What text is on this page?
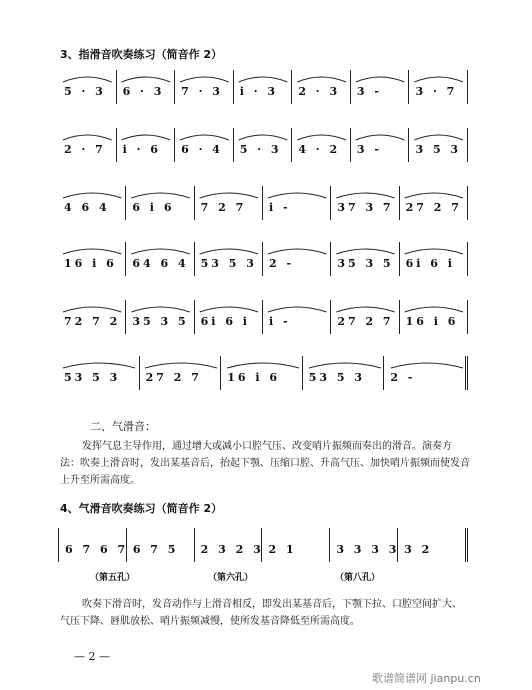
3、指滑音吹奏练习（简音作 2）
5 · 3 6 · 3 7 · 3 i · 3 2 · 3 3 -	3 · 7
2 · 7 i · 6 6 · 4 5 · 3 4 · 2 3 -	3 5 3
4 6 4 6 i 6 7 2 7 i -	37 3 7 27 2 7
16 i 6 64 6 4 53 5 3 2 -	35 3 5 6i 6 i
72 7 2 35 3 5 6i 6 i i -	27 2 7 16 i 6
53 5 3 27 2 7 16 i 6	53 5 3 2 -
二、气滑音：
发挥气息主导作用，通过增大或减小口腔气压、改变哨片振频而奏出的滑音。演奏方法：吹奏上滑音时，发出某基音后，抬起下颚、压缩口腔、升高气压、加快哨片振频而使发音上升至所需高度。
4、气滑音吹奏练习（简音作 2）
6 7 6 7 6 7 5 2 3 2 3 2 1	3 3 3 3 3 2
（第五孔）	（第六孔）	（第八孔）
吹奏下滑音时，发音动作与上滑音相反，即发出某基音后，下颚下拉、口腔空间扩大、气压下降、唇肌放松、哨片振频减慢，使所发基音降低至所需高度。
— 2 —
歌谱简谱网 jianpu.cn
